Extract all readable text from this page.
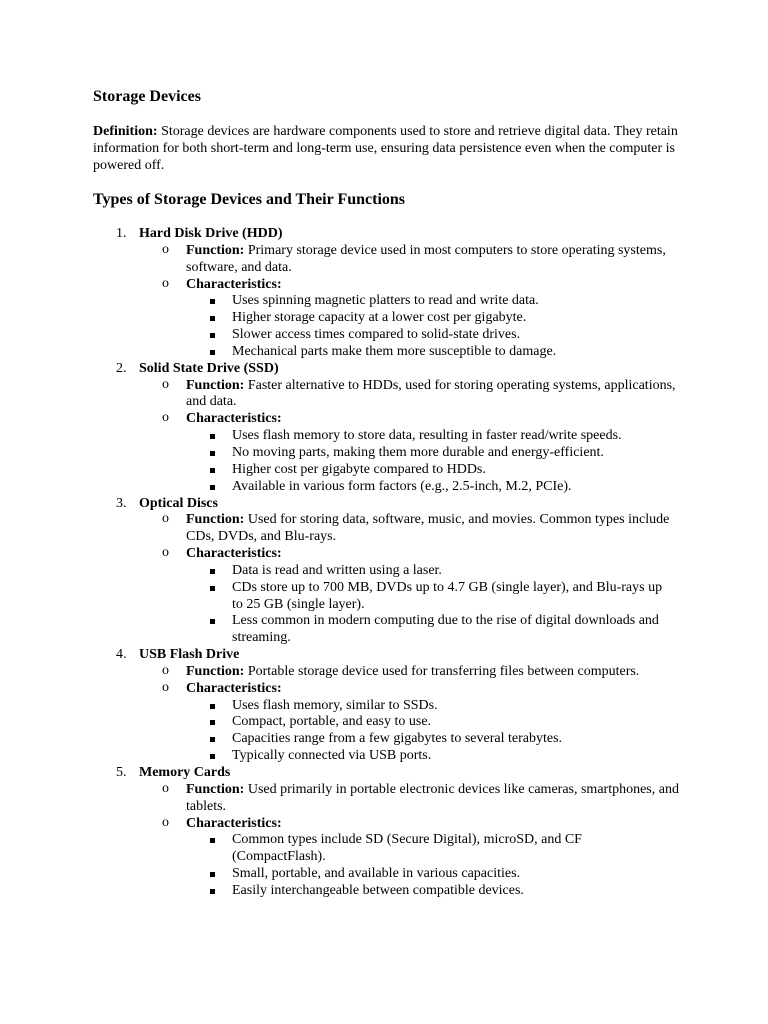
Storage Devices

Definition: Storage devices are hardware components used to store and retrieve digital data. They retain information for both short-term and long-term use, ensuring data persistence even when the computer is powered off.

Types of Storage Devices and Their Functions
1. Hard Disk Drive (HDD)
o Function: Primary storage device used in most computers to store operating systems, software, and data.
o Characteristics:
Uses spinning magnetic platters to read and write data.
Higher storage capacity at a lower cost per gigabyte.
Slower access times compared to solid-state drives.
Mechanical parts make them more susceptible to damage.
2. Solid State Drive (SSD)
o Function: Faster alternative to HDDs, used for storing operating systems, applications, and data.
o Characteristics:
Uses flash memory to store data, resulting in faster read/write speeds.
No moving parts, making them more durable and energy-efficient.
Higher cost per gigabyte compared to HDDs.
Available in various form factors (e.g., 2.5-inch, M.2, PCIe).
3. Optical Discs
o Function: Used for storing data, software, music, and movies. Common types include CDs, DVDs, and Blu-rays.
o Characteristics:
Data is read and written using a laser.
CDs store up to 700 MB, DVDs up to 4.7 GB (single layer), and Blu-rays up to 25 GB (single layer).
Less common in modern computing due to the rise of digital downloads and streaming.
4. USB Flash Drive
o Function: Portable storage device used for transferring files between computers.
o Characteristics:
Uses flash memory, similar to SSDs.
Compact, portable, and easy to use.
Capacities range from a few gigabytes to several terabytes.
Typically connected via USB ports.
5. Memory Cards
o Function: Used primarily in portable electronic devices like cameras, smartphones, and tablets.
o Characteristics:
Common types include SD (Secure Digital), microSD, and CF (CompactFlash).
Small, portable, and available in various capacities.
Easily interchangeable between compatible devices.
